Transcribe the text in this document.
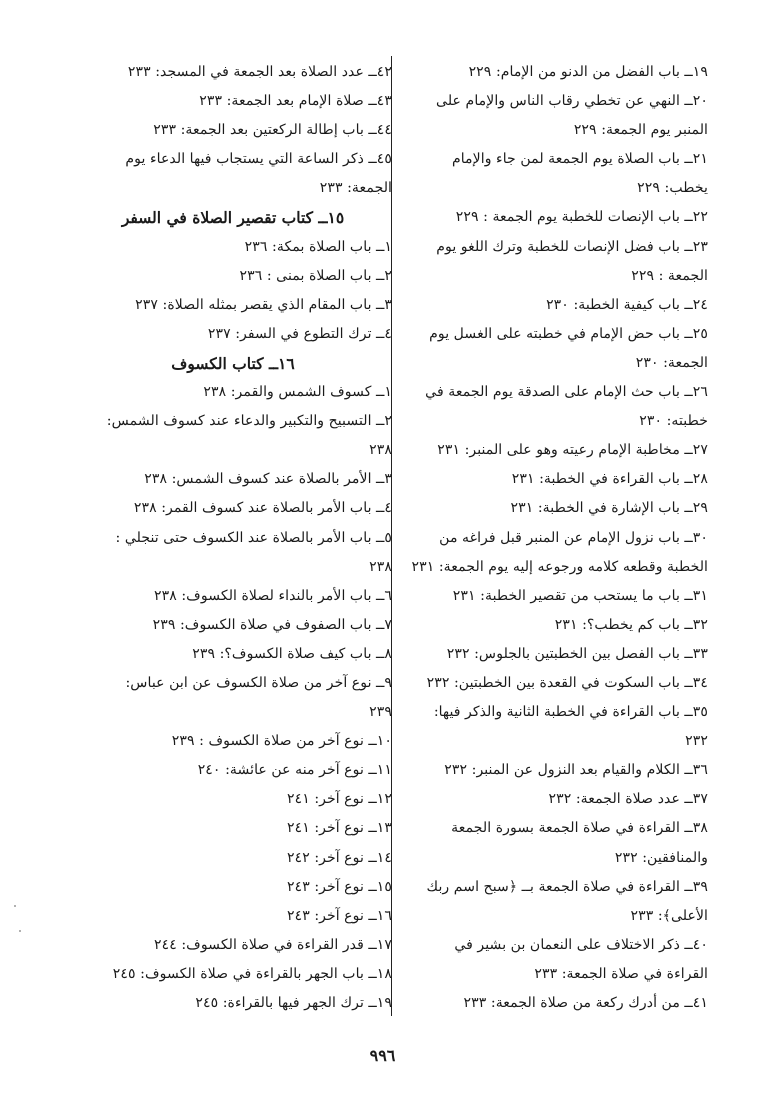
١٩ــ باب الفضل من الدنو من الإمام: ٢٢٩
٢٠ــ النهي عن تخطي رقاب الناس والإمام على
المنبر يوم الجمعة: ٢٢٩
٢١ــ باب الصلاة يوم الجمعة لمن جاء والإمام
يخطب: ٢٢٩
٢٢ــ باب الإنصات للخطبة يوم الجمعة : ٢٢٩
٢٣ــ باب فضل الإنصات للخطبة وترك اللغو يوم
الجمعة : ٢٢٩
٢٤ــ باب كيفية الخطبة: ٢٣٠
٢٥ــ باب حض الإمام في خطبته على الغسل يوم
الجمعة: ٢٣٠
٢٦ــ باب حث الإمام على الصدقة يوم الجمعة في
خطبته: ٢٣٠
٢٧ــ مخاطبة الإمام رعيته وهو على المنبر: ٢٣١
٢٨ــ باب القراءة في الخطبة: ٢٣١
٢٩ــ باب الإشارة في الخطبة: ٢٣١
٣٠ــ باب نزول الإمام عن المنبر قبل فراغه من
الخطبة وقطعه كلامه ورجوعه إليه يوم الجمعة: ٢٣١
٣١ــ باب ما يستحب من تقصير الخطبة: ٢٣١
٣٢ــ باب كم يخطب؟: ٢٣١
٣٣ــ باب الفصل بين الخطبتين بالجلوس: ٢٣٢
٣٤ــ باب السكوت في القعدة بين الخطبتين: ٢٣٢
٣٥ــ باب القراءة في الخطبة الثانية والذكر فيها:
٢٣٢
٣٦ــ الكلام والقيام بعد النزول عن المنبر: ٢٣٢
٣٧ــ عدد صلاة الجمعة: ٢٣٢
٣٨ــ القراءة في صلاة الجمعة بسورة الجمعة
والمنافقين: ٢٣٢
٣٩ــ القراءة في صلاة الجمعة بــ ﴿سبح اسم ربك
الأعلى﴾: ٢٣٣
٤٠ــ ذكر الاختلاف على النعمان بن بشير في
القراءة في صلاة الجمعة: ٢٣٣
٤١ــ من أدرك ركعة من صلاة الجمعة: ٢٣٣
٤٢ــ عدد الصلاة بعد الجمعة في المسجد: ٢٣٣
٤٣ــ صلاة الإمام بعد الجمعة: ٢٣٣
٤٤ــ باب إطالة الركعتين بعد الجمعة: ٢٣٣
٤٥ــ ذكر الساعة التي يستجاب فيها الدعاء يوم
الجمعة: ٢٣٣
١٥ــ كتاب تقصير الصلاة في السفر
١ــ باب الصلاة بمكة: ٢٣٦
٢ــ باب الصلاة بمنى : ٢٣٦
٣ــ باب المقام الذي يقصر بمثله الصلاة: ٢٣٧
٤ــ ترك التطوع في السفر: ٢٣٧
١٦ــ كتاب الكسوف
١ــ كسوف الشمس والقمر: ٢٣٨
٢ــ التسبيح والتكبير والدعاء عند كسوف الشمس:
٢٣٨
٣ــ الأمر بالصلاة عند كسوف الشمس: ٢٣٨
٤ــ باب الأمر بالصلاة عند كسوف القمر: ٢٣٨
٥ــ باب الأمر بالصلاة عند الكسوف حتى تنجلي :
٢٣٨
٦ــ باب الأمر بالنداء لصلاة الكسوف: ٢٣٨
٧ــ باب الصفوف في صلاة الكسوف: ٢٣٩
٨ــ باب كيف صلاة الكسوف؟: ٢٣٩
٩ــ نوع آخر من صلاة الكسوف عن ابن عباس:
٢٣٩
١٠ــ نوع آخر من صلاة الكسوف : ٢٣٩
١١ــ نوع آخر منه عن عائشة: ٢٤٠
١٢ــ نوع آخر: ٢٤١
١٣ــ نوع آخر: ٢٤١
١٤ــ نوع آخر: ٢٤٢
١٥ــ نوع آخر: ٢٤٣
١٦ــ نوع آخر: ٢٤٣
١٧ــ قدر القراءة في صلاة الكسوف: ٢٤٤
١٨ــ باب الجهر بالقراءة في صلاة الكسوف: ٢٤٥
١٩ــ ترك الجهر فيها بالقراءة: ٢٤٥
٩٩٦
